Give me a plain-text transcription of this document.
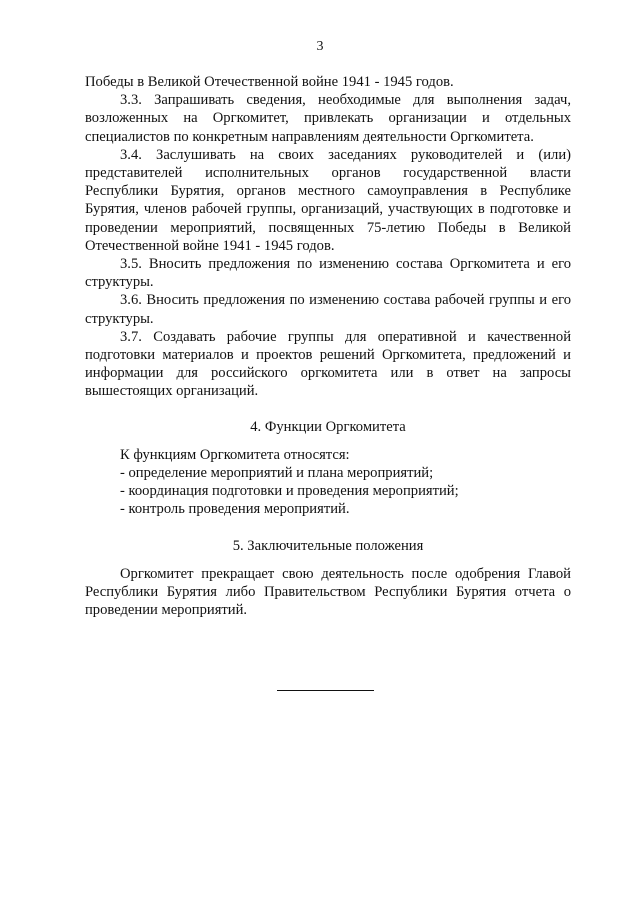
3

Победы в Великой Отечественной войне 1941 - 1945 годов.

3.3. Запрашивать сведения, необходимые для выполнения задач, возложенных на Оргкомитет, привлекать организации и отдельных специалистов по конкретным направлениям деятельности Оргкомитета.

3.4. Заслушивать на своих заседаниях руководителей и (или) представителей исполнительных органов государственной власти Республики Бурятия, органов местного самоуправления в Республике Бурятия, членов рабочей группы, организаций, участвующих в подготовке и проведении мероприятий, посвященных 75-летию Победы в Великой Отечественной войне 1941 - 1945 годов.

3.5. Вносить предложения по изменению состава Оргкомитета и его структуры.

3.6. Вносить предложения по изменению состава рабочей группы и его структуры.

3.7. Создавать рабочие группы для оперативной и качественной подготовки материалов и проектов решений Оргкомитета, предложений и информации для российского оргкомитета или в ответ на запросы вышестоящих организаций.

4. Функции Оргкомитета

К функциям Оргкомитета относятся:

- определение мероприятий и плана мероприятий;

- координация подготовки и проведения мероприятий;

- контроль проведения мероприятий.

5. Заключительные положения

Оргкомитет прекращает свою деятельность после одобрения Главой Республики Бурятия либо Правительством Республики Бурятия отчета о проведении мероприятий.
